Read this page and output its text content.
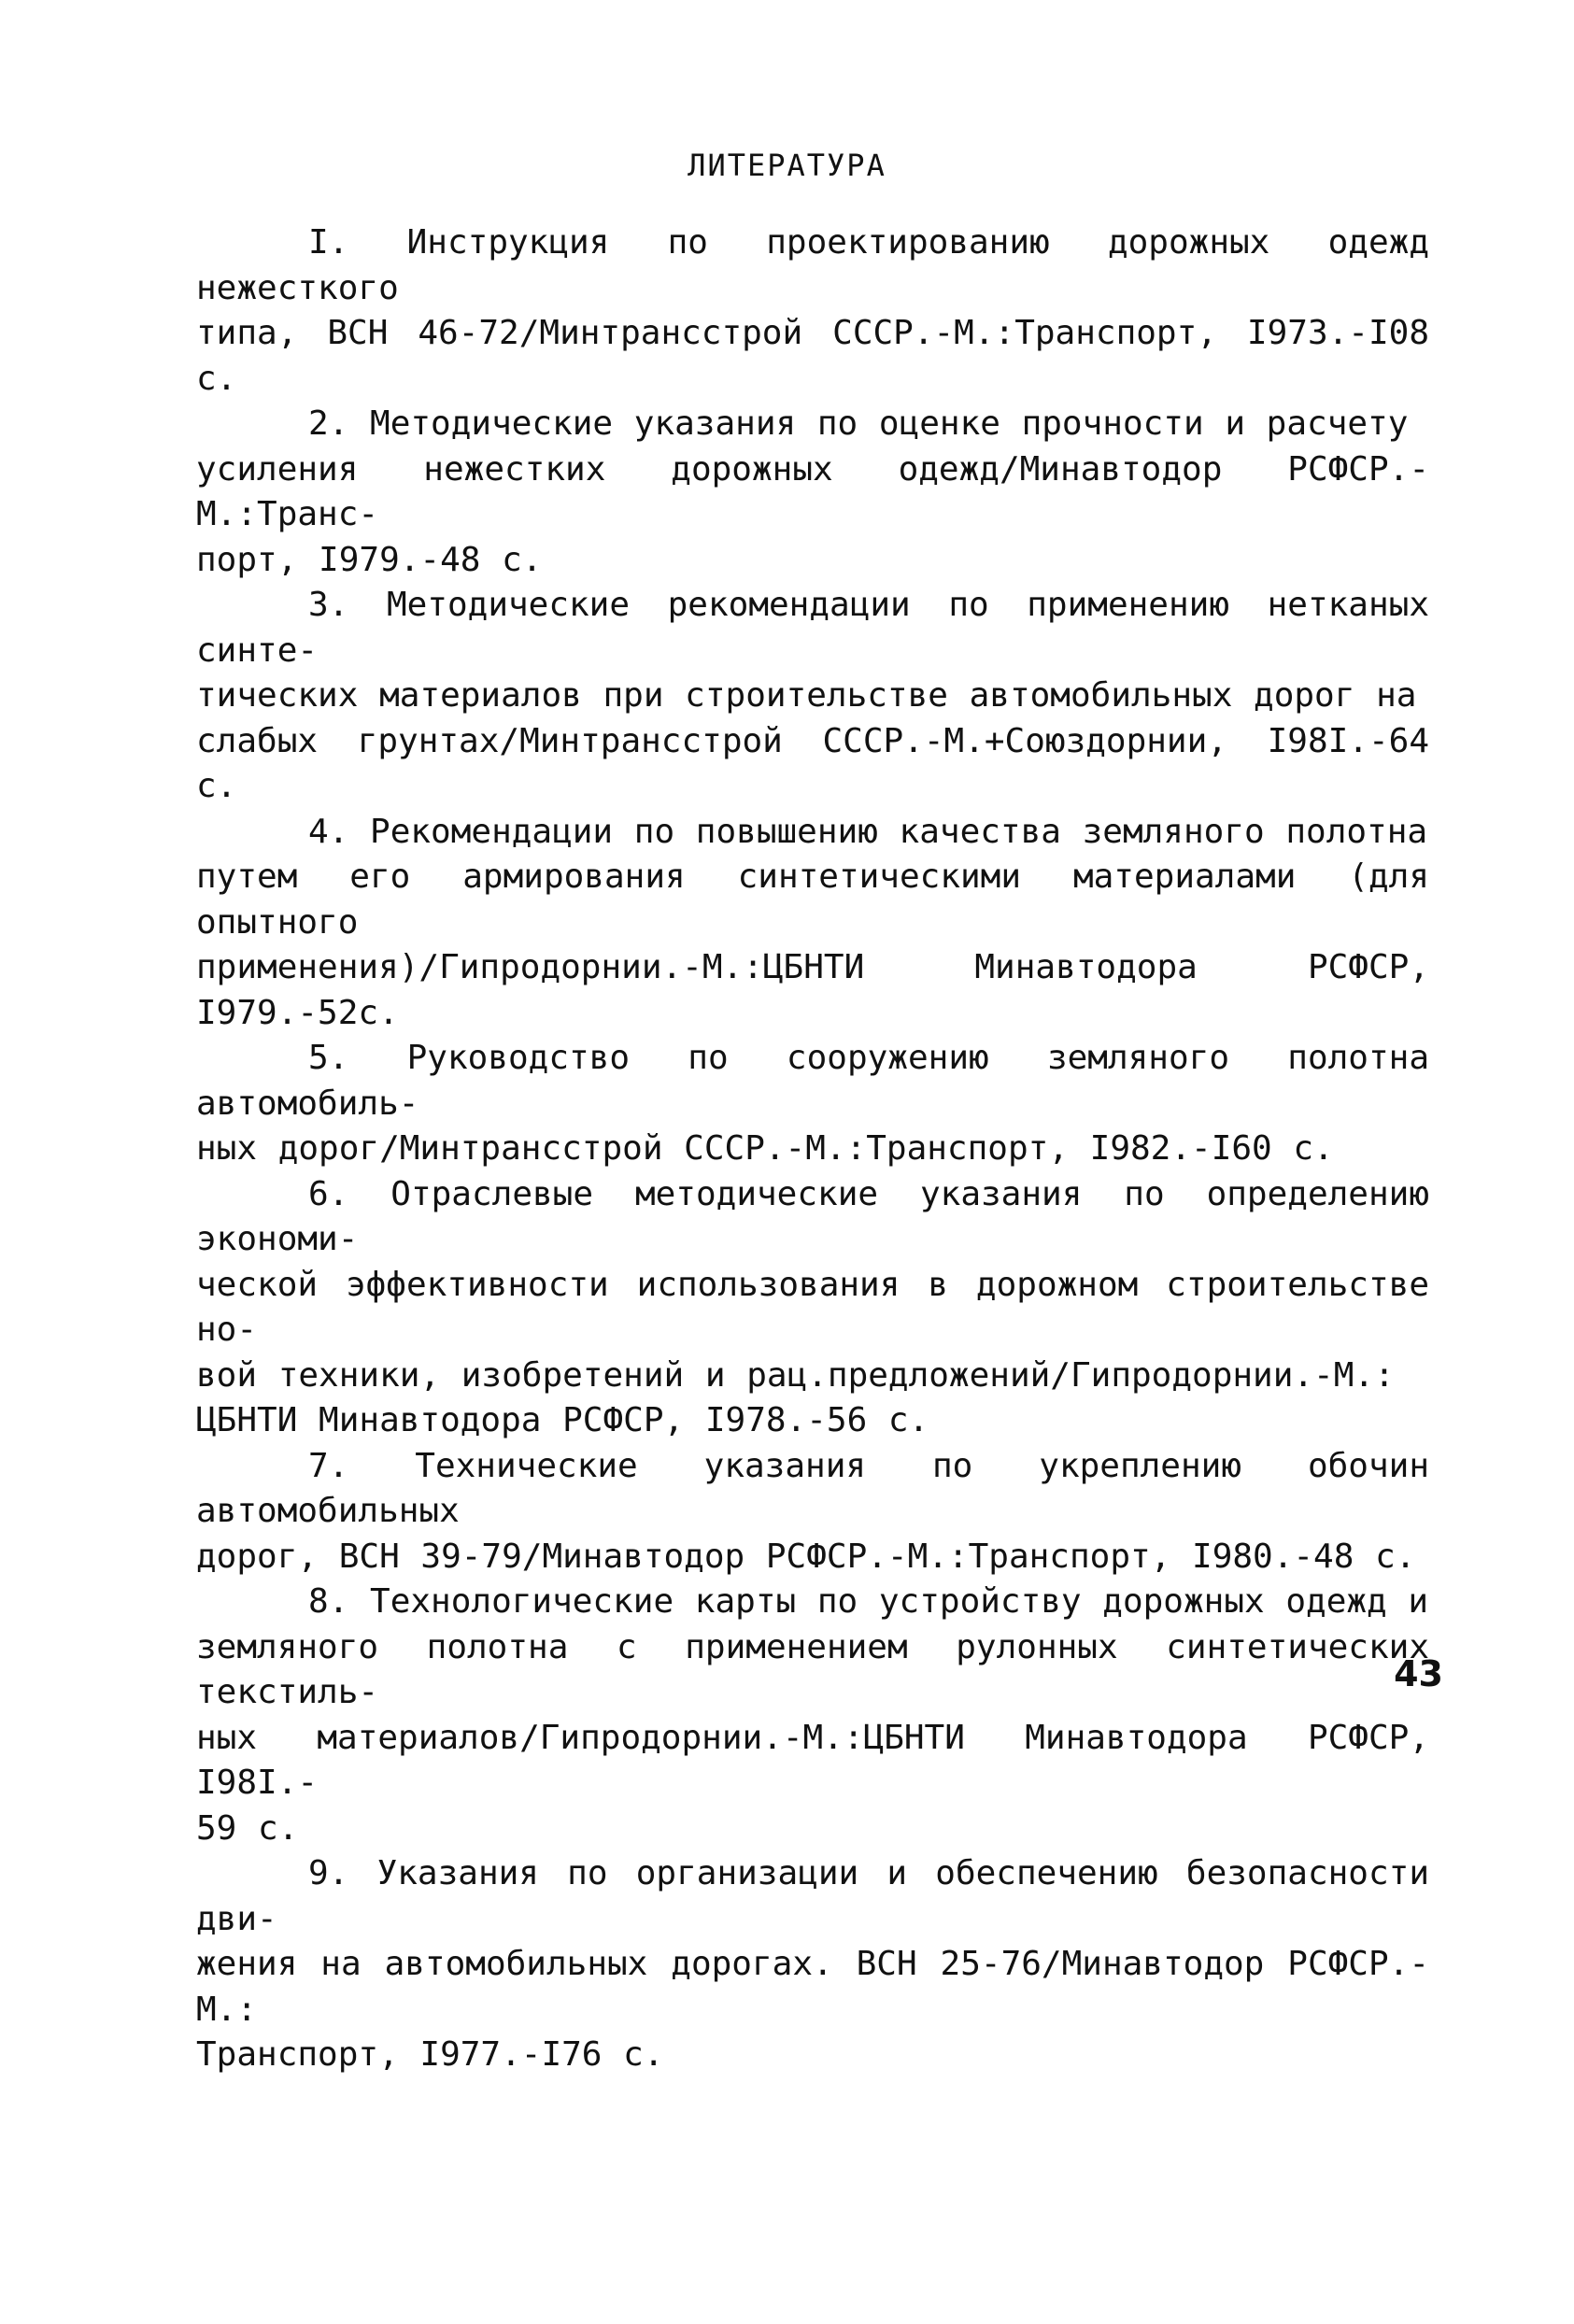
ЛИТЕРАТУРА
I. Инструкция по проектированию дорожных одежд нежесткого
типа, ВСН 46-72/Минтрансстрой СССР.-М.:Транспорт, I973.-I08 с.
2. Методические указания по оценке прочности и расчету
усиления нежестких дорожных одежд/Минавтодор РСФСР.-М.:Транс-
порт, I979.-48 с.
3. Методические рекомендации по применению нетканых синте-
тических материалов при строительстве автомобильных дорог на
слабых грунтах/Минтрансстрой СССР.-М.+Союздорнии, I98I.-64 с.
4. Рекомендации по повышению качества земляного полотна
путем его армирования синтетическими материалами (для опытного
применения)/Гипродорнии.-М.:ЦБНТИ Минавтодора РСФСР, I979.-52с.
5. Руководство по сооружению земляного полотна автомобиль-
ных дорог/Минтрансстрой СССР.-М.:Транспорт, I982.-I60 с.
6. Отраслевые методические указания по определению экономи-
ческой эффективности использования в дорожном строительстве но-
вой техники, изобретений и рац.предложений/Гипродорнии.-М.:
ЦБНТИ Минавтодора РСФСР, I978.-56 с.
7. Технические указания по укреплению обочин автомобильных
дорог, ВСН 39-79/Минавтодор РСФСР.-М.:Транспорт, I980.-48 с.
8. Технологические карты по устройству дорожных одежд и
земляного полотна с применением рулонных синтетических текстиль-
ных материалов/Гипродорнии.-М.:ЦБНТИ Минавтодора РСФСР, I98I.-
59 с.
9. Указания по организации и обеспечению безопасности дви-
жения на автомобильных дорогах. ВСН 25-76/Минавтодор РСФСР.-М.:
Транспорт, I977.-I76 с.
43
